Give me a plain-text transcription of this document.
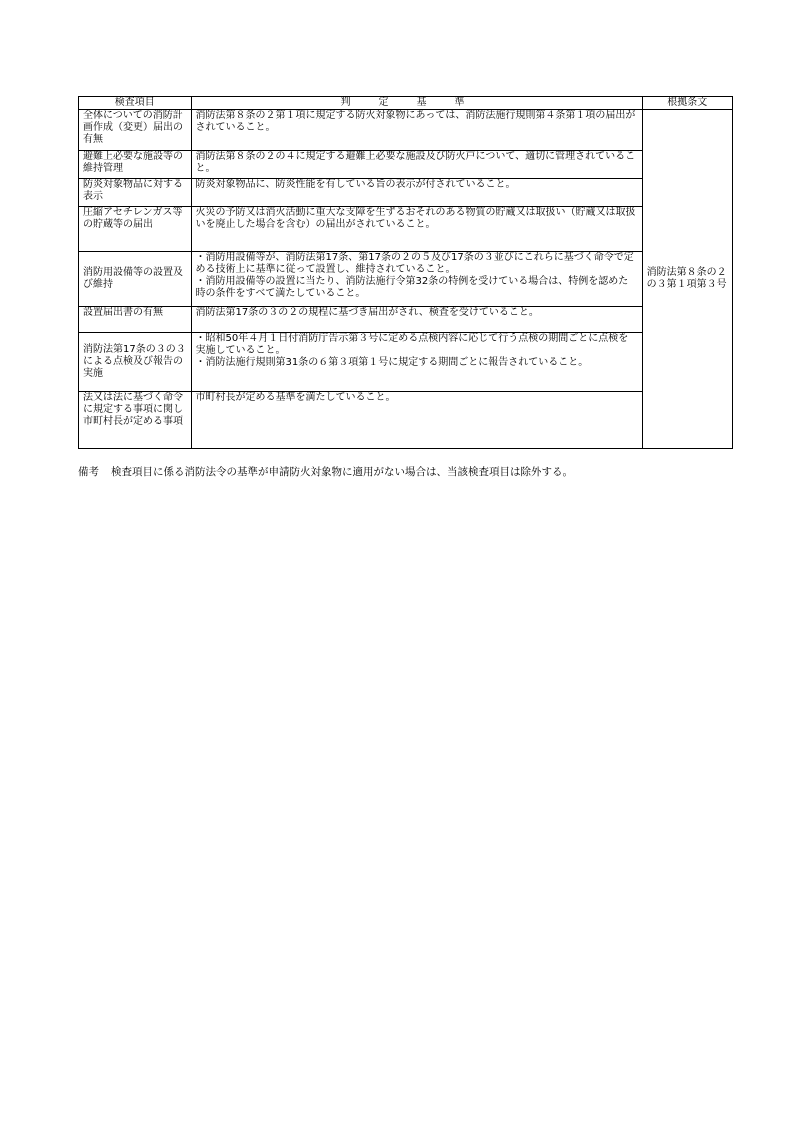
検査項目	判定基準	根拠条文
全体についての消防計画作成（変更）届出の有無	消防法第８条の２第１項に規定する防火対象物にあっては、消防法施行規則第４条第１項の届出がされていること。	消防法第８条の２の３第１項第３号
避難上必要な施設等の維持管理	消防法第８条の２の４に規定する避難上必要な施設及び防火戸について、適切に管理されていること。	

防炎対象物品に対する表示	防炎対象物品に、防炎性能を有している旨の表示が付されていること。	

圧縮アセチレンガス等の貯蔵等の届出	火災の予防又は消火活動に重大な支障を生ずるおそれのある物質の貯蔵又は取扱い（貯蔵又は取扱いを廃止した場合を含む）の届出がされていること。	

消防用設備等の設置及び維持	・消防用設備等が、消防法第17条、第17条の２の５及び17条の３並びにこれらに基づく命令で定める技術上に基準に従って設置し、維持されていること。
・消防用設備等の設置に当たり、消防法施行令第32条の特例を受けている場合は、特例を認めた時の条件をすべて満たしていること。	

設置届出書の有無	消防法第17条の３の２の規程に基づき届出がされ、検査を受けていること。	

消防法第17条の３の３による点検及び報告の実施	・昭和50年４月１日付消防庁告示第３号に定める点検内容に応じて行う点検の期間ごとに点検を実施していること。
・消防法施行規則第31条の６第３項第１号に規定する期間ごとに報告されていること。	

法又は法に基づく命令に規定する事項に関し市町村長が定める事項	市町村長が定める基準を満たしていること。	
備考 検査項目に係る消防法令の基準が申請防火対象物に適用がない場合は、当該検査項目は除外する。
